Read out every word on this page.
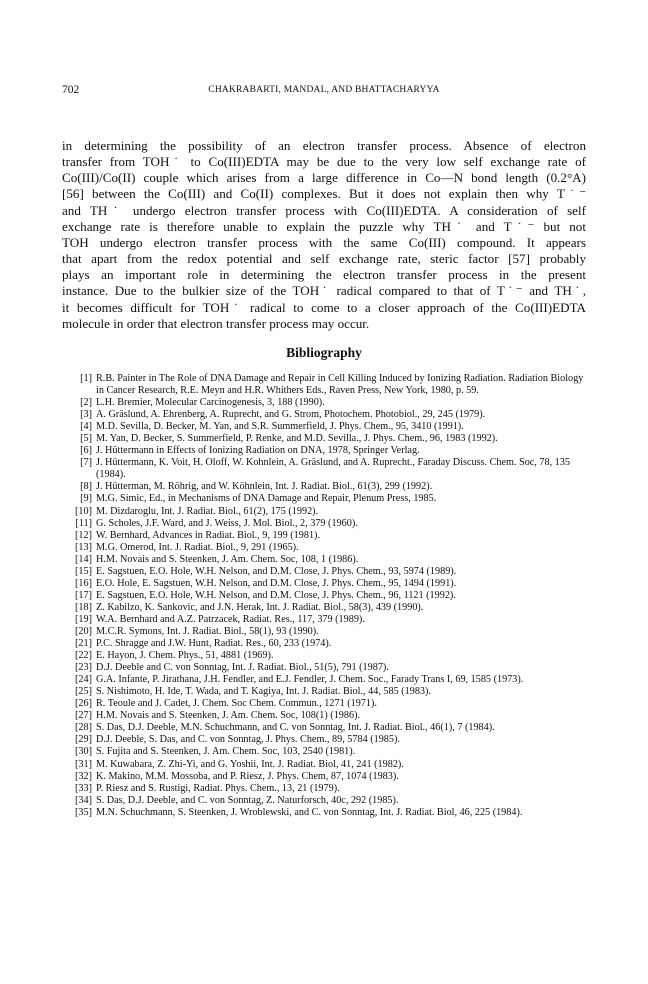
702	CHAKRABARTI, MANDAL, AND BHATTACHARYYA

in determining the possibility of an electron transfer process. Absence of electron
transfer from TOH˙ to Co(III)EDTA may be due to the very low self exchange rate of
Co(III)/Co(II) couple which arises from a large difference in Co—N bond length (0.2°A)
[56] between the Co(III) and Co(II) complexes. But it does not explain then why T˙⁻
and TH˙ undergo electron transfer process with Co(III)EDTA. A consideration of self
exchange rate is therefore unable to explain the puzzle why TH˙ and T˙⁻ but not
TOH undergo electron transfer process with the same Co(III) compound. It appears
that apart from the redox potential and self exchange rate, steric factor [57] probably
plays an important role in determining the electron transfer process in the present
instance. Due to the bulkier size of the TOH˙ radical compared to that of T˙⁻ and TH˙,
it becomes difficult for TOH˙ radical to come to a closer approach of the Co(III)EDTA
molecule in order that electron transfer process may occur.

Bibliography
[1] R.B. Painter in The Role of DNA Damage and Repair in Cell Killing Induced by Ionizing Radiation. Radiation Biology in Cancer Research, R.E. Meyn and H.R. Whithers Eds., Raven Press, New York, 1980, p. 59.
[2] L.H. Bremier, Molecular Carcinogenesis, 3, 188 (1990).
[3] A. Gräslund, A. Ehrenberg, A. Ruprecht, and G. Strom, Photochem. Photobiol., 29, 245 (1979).
[4] M.D. Sevilla, D. Becker, M. Yan, and S.R. Summerfield, J. Phys. Chem., 95, 3410 (1991).
[5] M. Yan, D. Becker, S. Summerfield, P. Renke, and M.D. Sevilla., J. Phys. Chem., 96, 1983 (1992).
[6] J. Hüttermann in Effects of Ionizing Radiation on DNA, 1978, Springer Verlag.
[7] J. Hüttermann, K. Voit, H. Oloff, W. Kohnlein, A. Gräslund, and A. Ruprecht., Faraday Discuss. Chem. Soc, 78, 135 (1984).
[8] J. Hütterman, M. Röhrig, and W. Köhnlein, Int. J. Radiat. Biol., 61(3), 299 (1992).
[9] M.G. Simic, Ed., in Mechanisms of DNA Damage and Repair, Plenum Press, 1985.
[10] M. Dizdaroglu, Int. J. Radiat. Biol., 61(2), 175 (1992).
[11] G. Scholes, J.F. Ward, and J. Weiss, J. Mol. Biol., 2, 379 (1960).
[12] W. Bernhard, Advances in Radiat. Biol., 9, 199 (1981).
[13] M.G. Omerod, Int. J. Radiat. Biol., 9, 291 (1965).
[14] H.M. Novais and S. Steenken, J. Am. Chem. Soc, 108, 1 (1986).
[15] E. Sagstuen, E.O. Hole, W.H. Nelson, and D.M. Close, J. Phys. Chem., 93, 5974 (1989).
[16] E.O. Hole, E. Sagstuen, W.H. Nelson, and D.M. Close, J. Phys. Chem., 95, 1494 (1991).
[17] E. Sagstuen, E.O. Hole, W.H. Nelson, and D.M. Close, J. Phys. Chem., 96, 1121 (1992).
[18] Z. Kabilzo, K. Sankovic, and J.N. Herak, Int. J. Radiat. Biol., 58(3), 439 (1990).
[19] W.A. Bernhard and A.Z. Patrzacek, Radiat. Res., 117, 379 (1989).
[20] M.C.R. Symons, Int. J. Radiat. Biol., 58(1), 93 (1990).
[21] P.C. Shragge and J.W. Hunt, Radiat. Res., 60, 233 (1974).
[22] E. Hayon, J. Chem. Phys., 51, 4881 (1969).
[23] D.J. Deeble and C. von Sonntag, Int. J. Radiat. Biol., 51(5), 791 (1987).
[24] G.A. Infante, P. Jirathana, J.H. Fendler, and E.J. Fendler, J. Chem. Soc., Farady Trans I, 69, 1585 (1973).
[25] S. Nishimoto, H. Ide, T. Wada, and T. Kagiya, Int. J. Radiat. Biol., 44, 585 (1983).
[26] R. Teoule and J. Cadet, J. Chem. Soc Chem. Commun., 1271 (1971).
[27] H.M. Novais and S. Steenken, J. Am. Chem. Soc, 108(1) (1986).
[28] S. Das, D.J. Deeble, M.N. Schuchmann, and C. von Sonntag, Int. J. Radiat. Biol., 46(1), 7 (1984).
[29] D.J. Deeble, S. Das, and C. von Sonntag, J. Phys. Chem., 89, 5784 (1985).
[30] S. Fujita and S. Steenken, J. Am. Chem. Soc, 103, 2540 (1981).
[31] M. Kuwabara, Z. Zhi-Yi, and G. Yoshii, Int. J. Radiat. Biol, 41, 241 (1982).
[32] K. Makino, M.M. Mossoba, and P. Riesz, J. Phys. Chem, 87, 1074 (1983).
[33] P. Riesz and S. Rustigi, Radiat. Phys. Chem., 13, 21 (1979).
[34] S. Das, D.J. Deeble, and C. von Sonntag, Z. Naturforsch, 40c, 292 (1985).
[35] M.N. Schuchmann, S. Steenken, J. Wroblewski, and C. von Sonntag, Int. J. Radiat. Biol, 46, 225 (1984).
